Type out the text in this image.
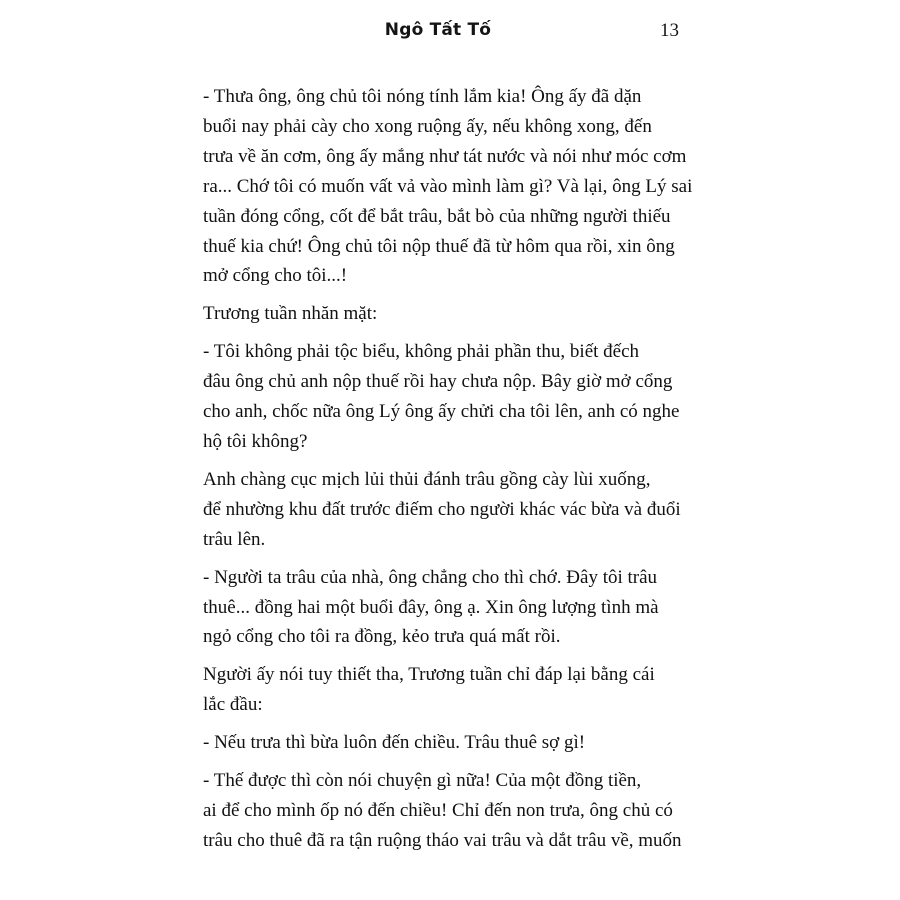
Ngô Tất Tố	13

- Thưa ông, ông chủ tôi nóng tính lắm kia! Ông ấy đã dặn
buổi nay phải cày cho xong ruộng ấy, nếu không xong, đến
trưa về ăn cơm, ông ấy mắng như tát nước và nói như móc cơm
ra... Chớ tôi có muốn vất vả vào mình làm gì? Và lại, ông Lý sai
tuần đóng cổng, cốt để bắt trâu, bắt bò của những người thiếu
thuế kia chứ! Ông chủ tôi nộp thuế đã từ hôm qua rồi, xin ông
mở cổng cho tôi...!

Trương tuần nhăn mặt:

- Tôi không phải tộc biểu, không phải phần thu, biết đếch
đâu ông chủ anh nộp thuế rồi hay chưa nộp. Bây giờ mở cổng
cho anh, chốc nữa ông Lý ông ấy chửi cha tôi lên, anh có nghe
hộ tôi không?

Anh chàng cục mịch lủi thủi đánh trâu gồng cày lùi xuống,
để nhường khu đất trước điếm cho người khác vác bừa và đuổi
trâu lên.

- Người ta trâu của nhà, ông chẳng cho thì chớ. Đây tôi trâu
thuê... đồng hai một buổi đây, ông ạ. Xin ông lượng tình mà
ngỏ cổng cho tôi ra đồng, kẻo trưa quá mất rồi.

Người ấy nói tuy thiết tha, Trương tuần chỉ đáp lại bằng cái
lắc đầu:

- Nếu trưa thì bừa luôn đến chiều. Trâu thuê sợ gì!

- Thế được thì còn nói chuyện gì nữa! Của một đồng tiền,
ai để cho mình ốp nó đến chiều! Chỉ đến non trưa, ông chủ có
trâu cho thuê đã ra tận ruộng tháo vai trâu và dắt trâu về, muốn
